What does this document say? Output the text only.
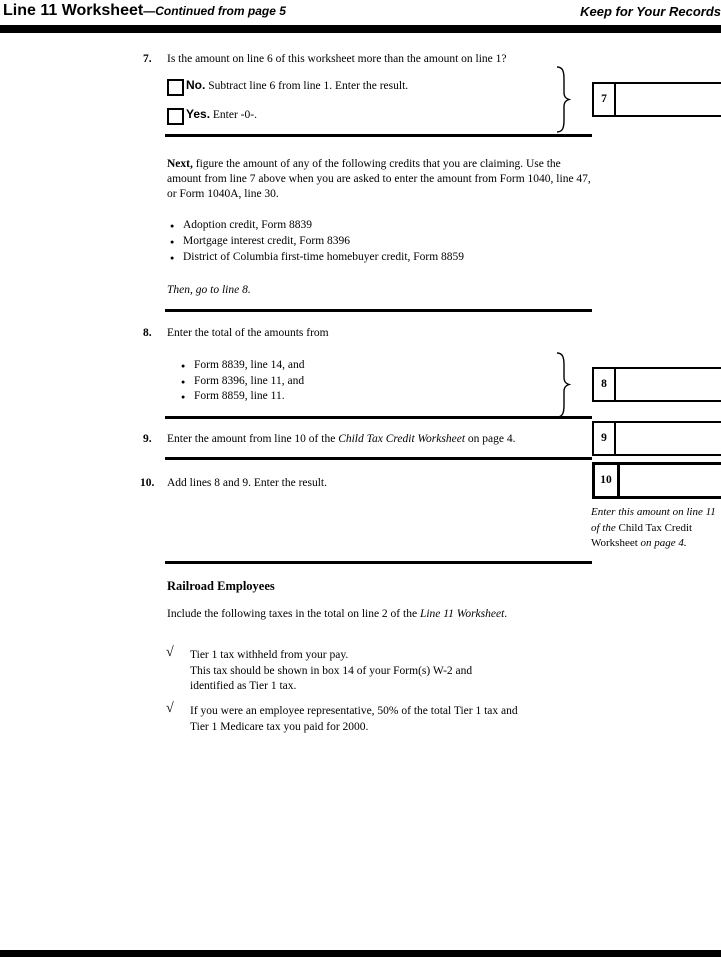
Line 11 Worksheet—Continued from page 5	Keep for Your Records
7. Is the amount on line 6 of this worksheet more than the amount on line 1?
No. Subtract line 6 from line 1. Enter the result.
Yes. Enter -0-.
7
Next, figure the amount of any of the following credits that you are claiming. Use the amount from line 7 above when you are asked to enter the amount from Form 1040, line 47, or Form 1040A, line 30.
● Adoption credit, Form 8839
● Mortgage interest credit, Form 8396
● District of Columbia first-time homebuyer credit, Form 8859
Then, go to line 8.
8. Enter the total of the amounts from
● Form 8839, line 14, and
● Form 8396, line 11, and
● Form 8859, line 11.
8
9. Enter the amount from line 10 of the Child Tax Credit Worksheet on page 4.	9
10. Add lines 8 and 9. Enter the result.	10
Enter this amount on line 11 of the Child Tax Credit Worksheet on page 4.
Railroad Employees
Include the following taxes in the total on line 2 of the Line 11 Worksheet.
√ Tier 1 tax withheld from your pay.
This tax should be shown in box 14 of your Form(s) W-2 and
identified as Tier 1 tax.
√ If you were an employee representative, 50% of the total Tier 1 tax and
Tier 1 Medicare tax you paid for 2000.
